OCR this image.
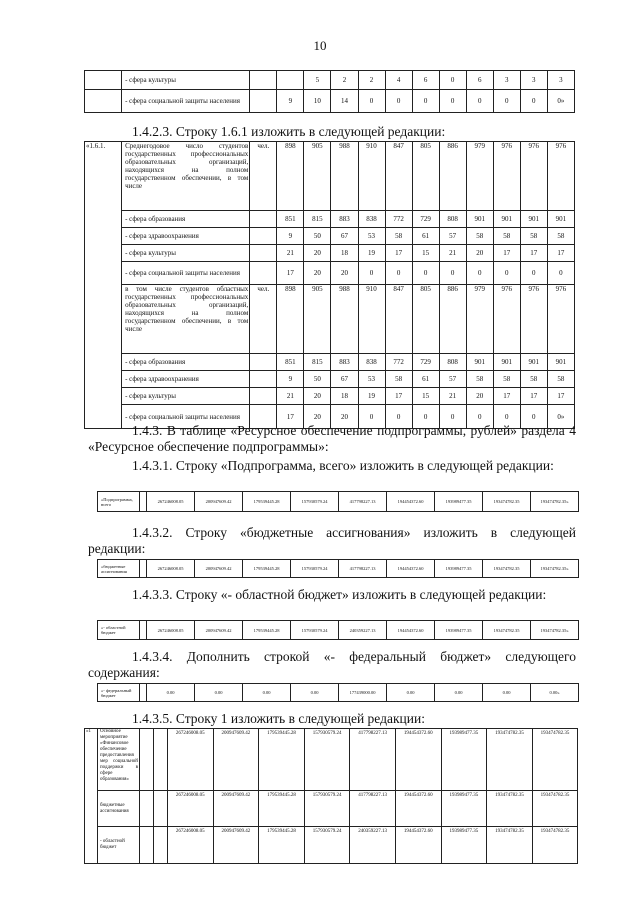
10
	- сфера культуры			5	2	2	4	6	0	6	3	3	3
	- сфера социальной защиты населения		9	10	14	0	0	0	0	0	0	0	0»

1.4.2.3. Строку 1.6.1 изложить в следующей редакции:

«1.6.1.	Среднегодовое число студентов государственных профессиональных образовательных организаций, находящихся на полном государственном обеспечении, в том числе	чел.	898	905	988	910	847	805	886	979	976	976	976
	- сфера образования		851	815	883	838	772	729	808	901	901	901	901
	- сфера здравоохранения		9	50	67	53	58	61	57	58	58	58	58
	- сфера культуры		21	20	18	19	17	15	21	20	17	17	17
	- сфера социальной защиты населения		17	20	20	0	0	0	0	0	0	0	0
	в том числе студентов областных государственных профессиональных образовательных организаций, находящихся на полном государственном обеспечении, в том числе	чел.	898	905	988	910	847	805	886	979	976	976	976
	- сфера образования		851	815	883	838	772	729	808	901	901	901	901
	- сфера здравоохранения		9	50	67	53	58	61	57	58	58	58	58
	- сфера культуры		21	20	18	19	17	15	21	20	17	17	17
	- сфера социальной защиты населения		17	20	20	0	0	0	0	0	0	0	0»

1.4.3. В таблице «Ресурсное обеспечение подпрограммы, рублей» раздела 4 «Ресурсное обеспечение подпрограммы»:

1.4.3.1. Строку «Подпрограмма, всего» изложить в следующей редакции:

«Подпрограмма, всего		267246008.05	200947609.42	179539445.28	157930579.24	417798227.13	194454372.60	193989477.35	193474782.35	193474782.35»

1.4.3.2. Строку «бюджетные ассигнования» изложить в следующей редакции:

«бюджетные ассигнования		267246008.05	200947609.42	179539445.28	157930579.24	417798227.13	194454372.60	193989477.35	193474782.35	193474782.35»

1.4.3.3. Строку «- областной бюджет» изложить в следующей редакции:

«- областной бюджет		267246008.05	200947609.42	179539445.28	157930579.24	240359227.13	194454372.60	193989477.35	193474782.35	193474782.35»

1.4.3.4. Дополнить строкой «- федеральный бюджет» следующего содержания:

«- федеральный бюджет		0.00	0.00	0.00	0.00	177439000.00	0.00	0.00	0.00	0.00»

1.4.3.5. Строку 1 изложить в следующей редакции:

«1	Основное мероприятие «Финансовое обеспечение предоставления мер социальной поддержки в сфере образования»			267246008.05	200947609.42	179539445.28	157930579.24	417798227.13	194454372.60	193989477.35	193474782.35	193474782.35
	бюджетные ассигнования			267246008.05	200947609.42	179539445.28	157930579.24	417798227.13	194454372.60	193989477.35	193474782.35	193474782.35
	- областной бюджет			267246008.05	200947609.42	179539445.28	157930579.24	240359227.13	194454372.60	193989477.35	193474782.35	193474782.35
